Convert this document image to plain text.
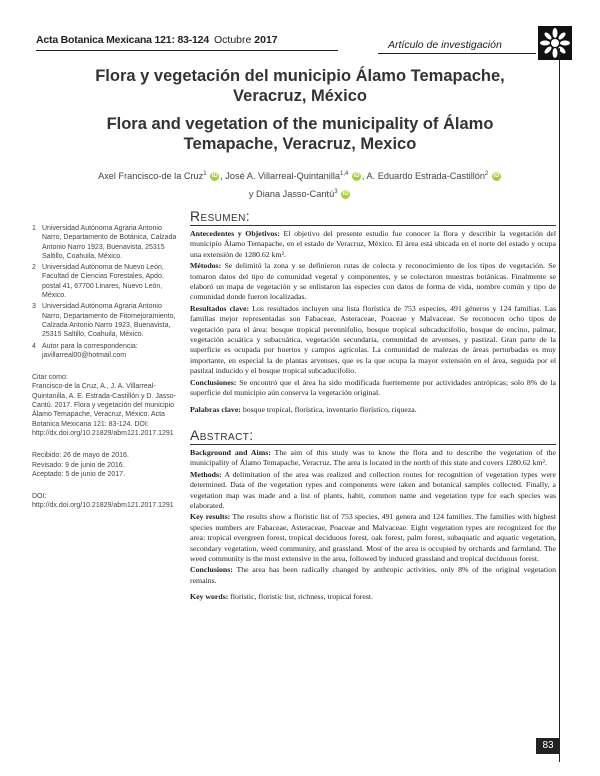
Acta Botanica Mexicana 121: 83-124 Octubre 2017	Artículo de investigación
Flora y vegetación del municipio Álamo Temapache, Veracruz, México
Flora and vegetation of the municipality of Álamo Temapache, Veracruz, Mexico
Axel Francisco-de la Cruz$^1$ iD , José A. Villarreal-Quintanilla$^{1,4}$ iD , A. Eduardo Estrada-Castillón$^2$ iD
y Diana Jasso-Cantú$^3$ iD
1 Universidad Autónoma Agraria Antonio Narro, Departamento de Botánica, Calzada Antonio Narro 1923, Buenavista, 25315 Saltillo, Coahuila, México.
2 Universidad Autónoma de Nuevo León, Facultad de Ciencias Forestales, Apdo. postal 41, 67700 Linares, Nuevo León, México.
3 Universidad Autónoma Agraria Antonio Narro, Departamento de Fitomejoramiento, Calzada Antonio Narro 1923, Buenavista, 25315 Saltillo, Coahuila, México.
4 Autor para la correspondencia: javillarreal00@hotmail.com
Citar como:
Francisco-de la Cruz, A., J. A. Villarreal-Quintanilla, A. E. Estrada-Castillón y D. Jasso-Cantú. 2017. Flora y vegetación del municipio Álamo Temapache, Veracruz, México. Acta Botanica Mexicana 121: 83-124. DOI: http://dx.doi.org/10.21829/abm121.2017.1291
Recibido: 26 de mayo de 2016.
Revisado: 9 de junio de 2016.
Aceptado: 5 de junio de 2017.
DOI:
http://dx.doi.org/10.21829/abm121.2017.1291
Resumen:

Antecedentes y Objetivos: El objetivo del presente estudio fue conocer la flora y describir la vegetación del municipio Álamo Temapache, en el estado de Veracruz, México. El área está ubicada en el norte del estado y ocupa una extensión de 1280.62 km².

Métodos: Se delimitó la zona y se definieron rutas de colecta y reconocimiento de los tipos de vegetación. Se tomaron datos del tipo de comunidad vegetal y componentes, y se colectaron muestras botánicas. Finalmente se elaboró un mapa de vegetación y se enlistaron las especies con datos de forma de vida, nombre común y tipo de comunidad donde fueron localizadas.

Resultados clave: Los resultados incluyen una lista florística de 753 especies, 491 géneros y 124 familias. Las familias mejor representadas son Fabaceae, Asteraceae, Poaceae y Malvaceae. Se reconocen ocho tipos de vegetación para el área: bosque tropical perennifolio, bosque tropical subcaducifolio, bosque de encino, palmar, vegetación acuática y subacuática, vegetación secundaria, comunidad de arvenses, y pastizal. Gran parte de la superficie es ocupada por huertos y campos agrícolas. La comunidad de malezas de áreas perturbadas es muy importante, en especial la de plantas arvenses, que es la que ocupa la mayor extensión en el área, seguida por el pastizal inducido y el bosque tropical subcaducifolio.

Conclusiones: Se encontró que el área ha sido modificada fuertemente por actividades antrópicas; solo 8% de la superficie del municipio aún conserva la vegetación original.

Palabras clave: bosque tropical, florística, inventario florístico, riqueza.

Abstract:

Background and Aims: The aim of this study was to know the flora and to describe the vegetation of the municipality of Álamo Temapache, Veracruz. The area is located in the north of this state and covers 1280.62 km².

Methods: A delimitation of the area was realized and collection routes for recognition of vegetation types were determined. Data of the vegetation types and components were taken and botanical samples collected. Finally, a vegetation map was made and a list of plants, habit, common name and vegetation type for each species was elaborated.

Key results: The results show a floristic list of 753 species, 491 genera and 124 families. The families with highest species numbers are Fabaceae, Asteraceae, Poaceae and Malvaceae. Eight vegetation types are recognized for the area: tropical evergreen forest, tropical deciduous forest, oak forest, palm forest, subaquatic and aquatic vegetation, secondary vegetation, weed community, and grassland. Most of the area is occupied by orchards and farmland. The weed community is the most extensive in the area, followed by induced grassland and tropical deciduous forest.

Conclusions: The area has been radically changed by anthropic activities, only 8% of the original vegetation remains.

Key words: floristic, floristic list, richness, tropical forest.

83
